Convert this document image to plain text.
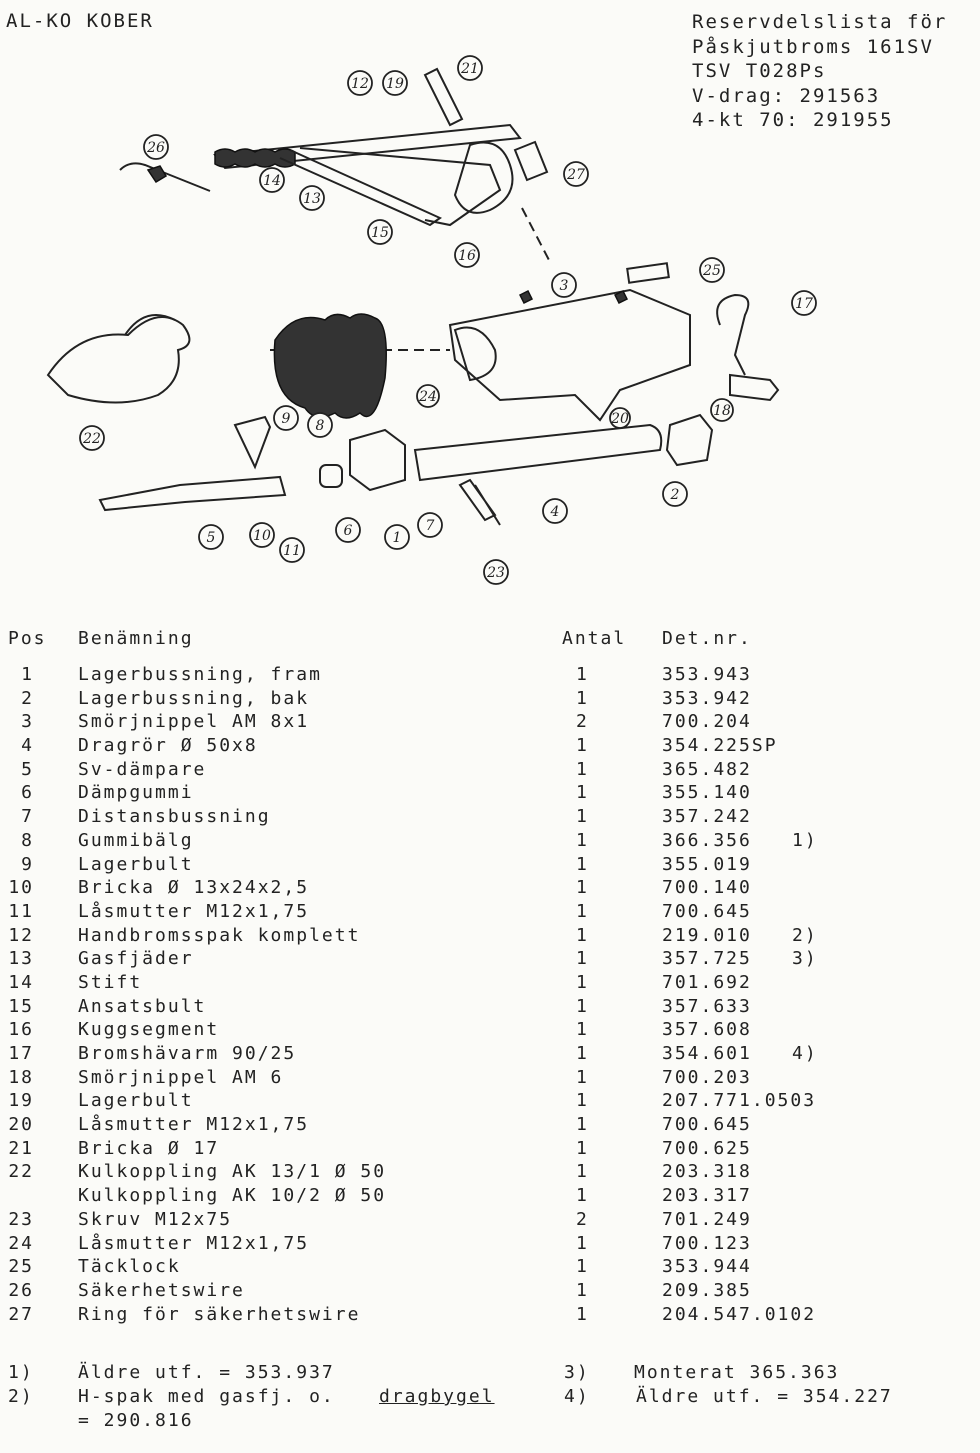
AL-KO KOBER	Reservdelslista för
Påskjutbroms 161SV
TSV T028Ps
V-drag: 291563
4-kt 70: 291955
1
2
3
4
5	6	7
8
9
10
11
12
13
14
15
16
17
18
19
20
21
22
23
24
25
26
27
Pos Benämning	Antal Det.nr.
1 Lagerbussning, fram	1	353.943
2 Lagerbussning, bak	1	353.942
3 Smörjnippel AM 8x1	2	700.204
4 Dragrör Ø 50x8	1	354.225SP
5 Sv-dämpare	1	365.482
6 Dämpgummi	1	355.140
7 Distansbussning	1	357.242
8 Gummibälg	1	366.356 1)
9 Lagerbult	1	355.019
10 Bricka Ø 13x24x2,5	1	700.140
11 Låsmutter M12x1,75	1	700.645
12 Handbromsspak komplett	1	219.010 2)
13 Gasfjäder	1	357.725 3)
14 Stift	1	701.692
15 Ansatsbult	1	357.633
16 Kuggsegment	1	357.608
17 Bromshävarm 90/25	1	354.601 4)
18 Smörjnippel AM 6	1	700.203
19 Lagerbult	1	207.771.0503
20 Låsmutter M12x1,75	1	700.645
21 Bricka Ø 17	1	700.625
22 Kulkoppling AK 13/1 Ø 50	1	203.318
Kulkoppling AK 10/2 Ø 50	1	203.317
23 Skruv M12x75	2	701.249
24 Låsmutter M12x1,75	1	700.123
25 Täcklock	1	353.944
26 Säkerhetswire	1	209.385
27 Ring för säkerhetswire	1	204.547.0102
1) Äldre utf. = 353.937
2) H-spak med gasfj. o. dragbygel
= 290.816
3) Monterat 365.363
4)	Äldre utf. = 354.227
